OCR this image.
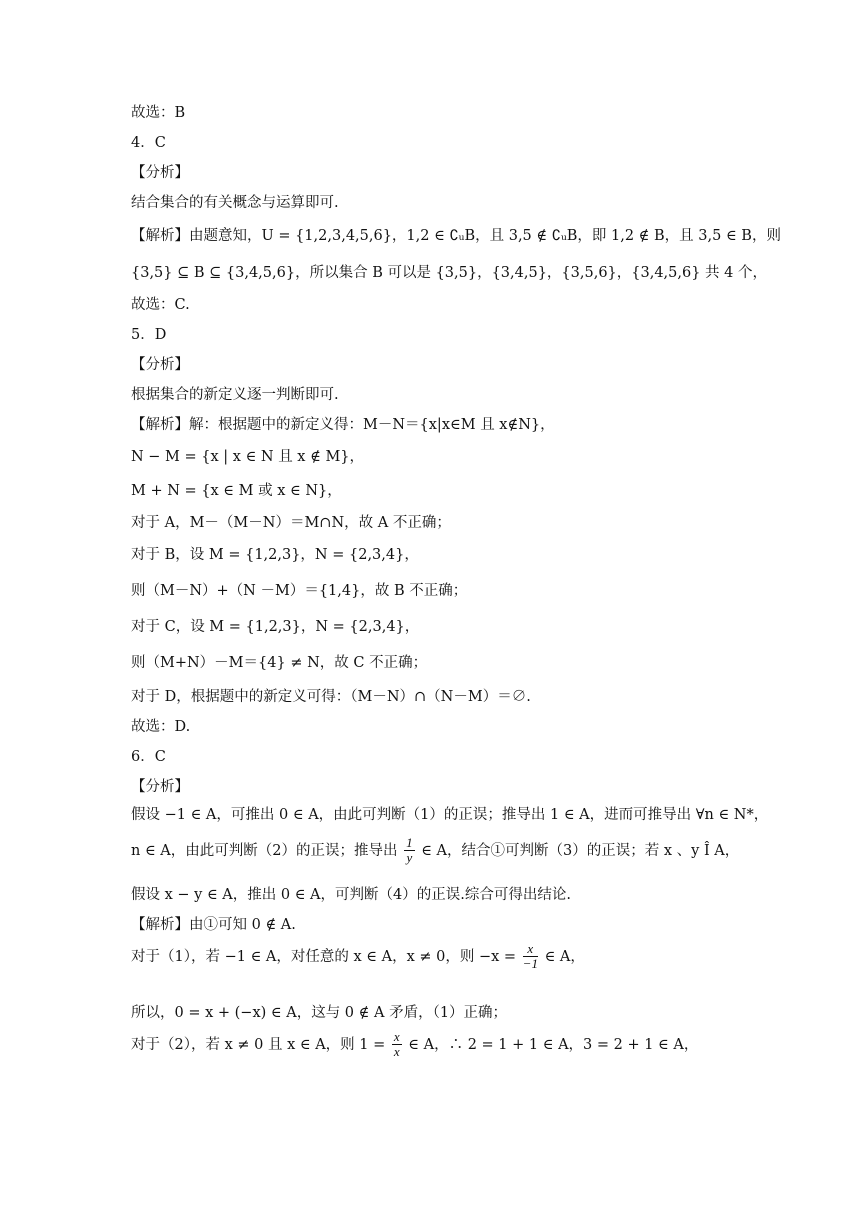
故选：B
4．C
【分析】
结合集合的有关概念与运算即可.
【解析】由题意知，U = {1,2,3,4,5,6}，1,2 ∈ ∁ᵤB，且 3,5 ∉ ∁ᵤB，即 1,2 ∉ B，且 3,5 ∈ B，则
{3,5} ⊆ B ⊆ {3,4,5,6}，所以集合 B 可以是 {3,5}，{3,4,5}，{3,5,6}，{3,4,5,6} 共 4 个，
故选：C.
5．D
【分析】
根据集合的新定义逐一判断即可.
【解析】解：根据题中的新定义得：M－N＝{x|x∈M 且 x∉N}，
N − M = {x | x ∈ N 且 x ∉ M}，
M + N = {x ∈ M 或 x ∈ N}，
对于 A，M－（M－N）＝M∩N，故 A 不正确；
对于 B，设 M = {1,2,3}，N = {2,3,4}，
则（M－N）+（N －M）＝{1,4}，故 B 不正确；
对于 C，设 M = {1,2,3}，N = {2,3,4}，
则（M+N）－M＝{4} ≠ N，故 C 不正确；
对于 D，根据题中的新定义可得：（M－N）∩（N－M）＝∅.
故选：D.
6．C
【分析】
假设 −1 ∈ A，可推出 0 ∈ A，由此可判断（1）的正误；推导出 1 ∈ A，进而可推导出 ∀n ∈ N*，
n ∈ A，由此可判断（2）的正误；推导出 $\frac{1}{y}$ ∈ A，结合①可判断（3）的正误；若 x 、y Î A，
假设 x − y ∈ A，推出 0 ∈ A，可判断（4）的正误.综合可得出结论.
【解析】由①可知 0 ∉ A.
对于（1），若 −1 ∈ A，对任意的 x ∈ A，x ≠ 0，则 $-x = \frac{x}{-1}$ ∈ A，
所以，0 = x + (−x) ∈ A，这与 0 ∉ A 矛盾，（1）正确；
对于（2），若 x ≠ 0 且 x ∈ A，则 $1 = \frac{x}{x}$ ∈ A，∴ 2 = 1 + 1 ∈ A，3 = 2 + 1 ∈ A，
